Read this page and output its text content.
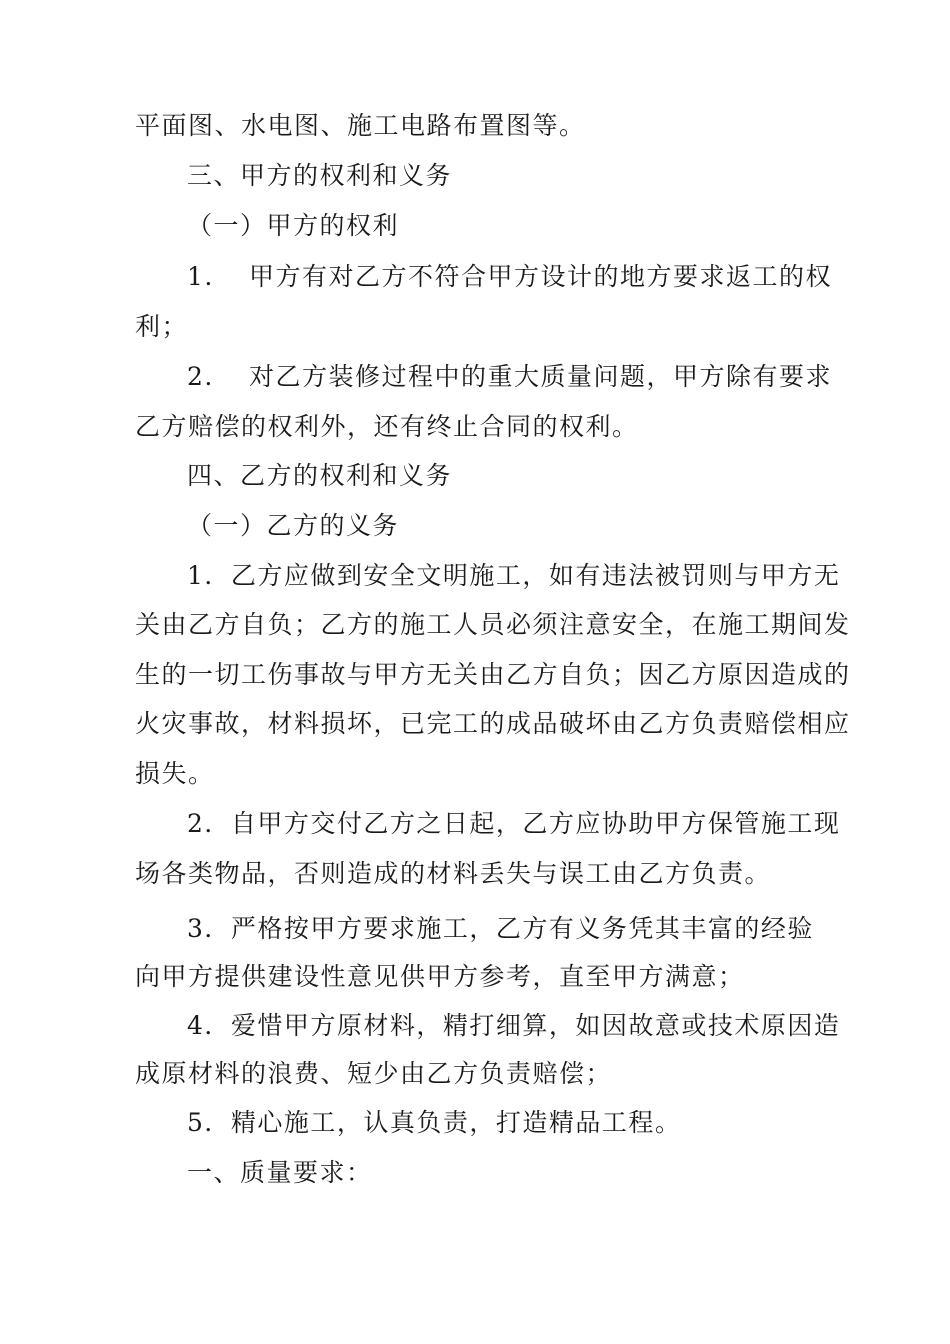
平面图、水电图、施工电路布置图等。
三、甲方的权利和义务
（一）甲方的权利
1. 甲方有对乙方不符合甲方设计的地方要求返工的权
利；
2. 对乙方装修过程中的重大质量问题，甲方除有要求
乙方赔偿的权利外，还有终止合同的权利。
四、乙方的权利和义务
（一）乙方的义务
1．乙方应做到安全文明施工，如有违法被罚则与甲方无
关由乙方自负；乙方的施工人员必须注意安全，在施工期间发
生的一切工伤事故与甲方无关由乙方自负；因乙方原因造成的
火灾事故，材料损坏，已完工的成品破坏由乙方负责赔偿相应
损失。
2．自甲方交付乙方之日起，乙方应协助甲方保管施工现
场各类物品，否则造成的材料丢失与误工由乙方负责。
3．严格按甲方要求施工，乙方有义务凭其丰富的经验
向甲方提供建设性意见供甲方参考，直至甲方满意；
4．爱惜甲方原材料，精打细算，如因故意或技术原因造
成原材料的浪费、短少由乙方负责赔偿；
5．精心施工，认真负责，打造精品工程。
一、质量要求：
